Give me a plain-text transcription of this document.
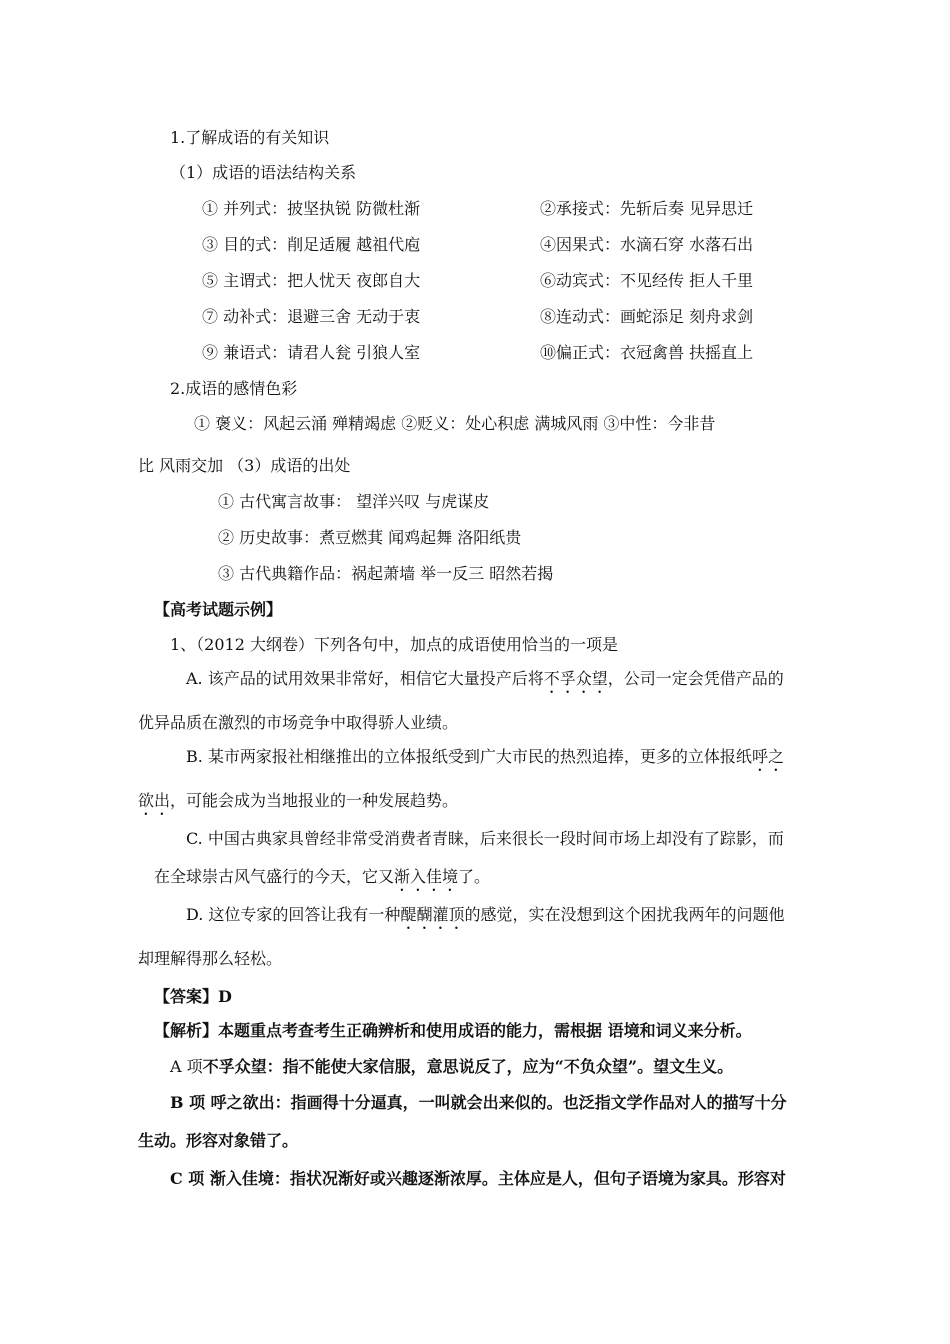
1.了解成语的有关知识
（1）成语的语法结构关系
① 并列式：披坚执锐 防微杜渐	②承接式：先斩后奏 见异思迁
③ 目的式：削足适履 越祖代庖	④因果式：水滴石穿 水落石出
⑤ 主谓式：把人忧天 夜郎自大	⑥动宾式：不见经传 拒人千里
⑦ 动补式：退避三舍 无动于衷	⑧连动式：画蛇添足 刻舟求剑
⑨ 兼语式：请君人瓮 引狼人室	⑩偏正式：衣冠禽兽 扶摇直上
2.成语的感情色彩
① 褒义：风起云涌 殚精竭虑 ②贬义：处心积虑 满城风雨 ③中性：今非昔
比 风雨交加 （3）成语的出处
① 古代寓言故事： 望洋兴叹 与虎谋皮
② 历史故事：煮豆燃萁 闻鸡起舞 洛阳纸贵
③ 古代典籍作品：祸起萧墙 举一反三 昭然若揭
【高考试题示例】
1、（2012 大纲卷）下列各句中，加点的成语使用恰当的一项是
A. 该产品的试用效果非常好，相信它大量投产后将不孚众望，公司一定会凭借产品的
优异品质在激烈的市场竞争中取得骄人业绩。
B. 某市两家报社相继推出的立体报纸受到广大市民的热烈追捧，更多的立体报纸呼之
欲出，可能会成为当地报业的一种发展趋势。
C. 中国古典家具曾经非常受消费者青睐，后来很长一段时间市场上却没有了踪影，而
在全球崇古风气盛行的今天，它又渐入佳境了。
D. 这位专家的回答让我有一种醍醐灌顶的感觉，实在没想到这个困扰我两年的问题他
却理解得那么轻松。
【答案】D
【解析】本题重点考查考生正确辨析和使用成语的能力，需根据 语境和词义来分析。
A 项不孚众望：指不能使大家信服，意思说反了，应为“不负众望”。望文生义。
B 项 呼之欲出：指画得十分逼真，一叫就会出来似的。也泛指文学作品对人的描写十分
生动。形容对象错了。
C 项 渐入佳境：指状况渐好或兴趣逐渐浓厚。主体应是人，但句子语境为家具。形容对
